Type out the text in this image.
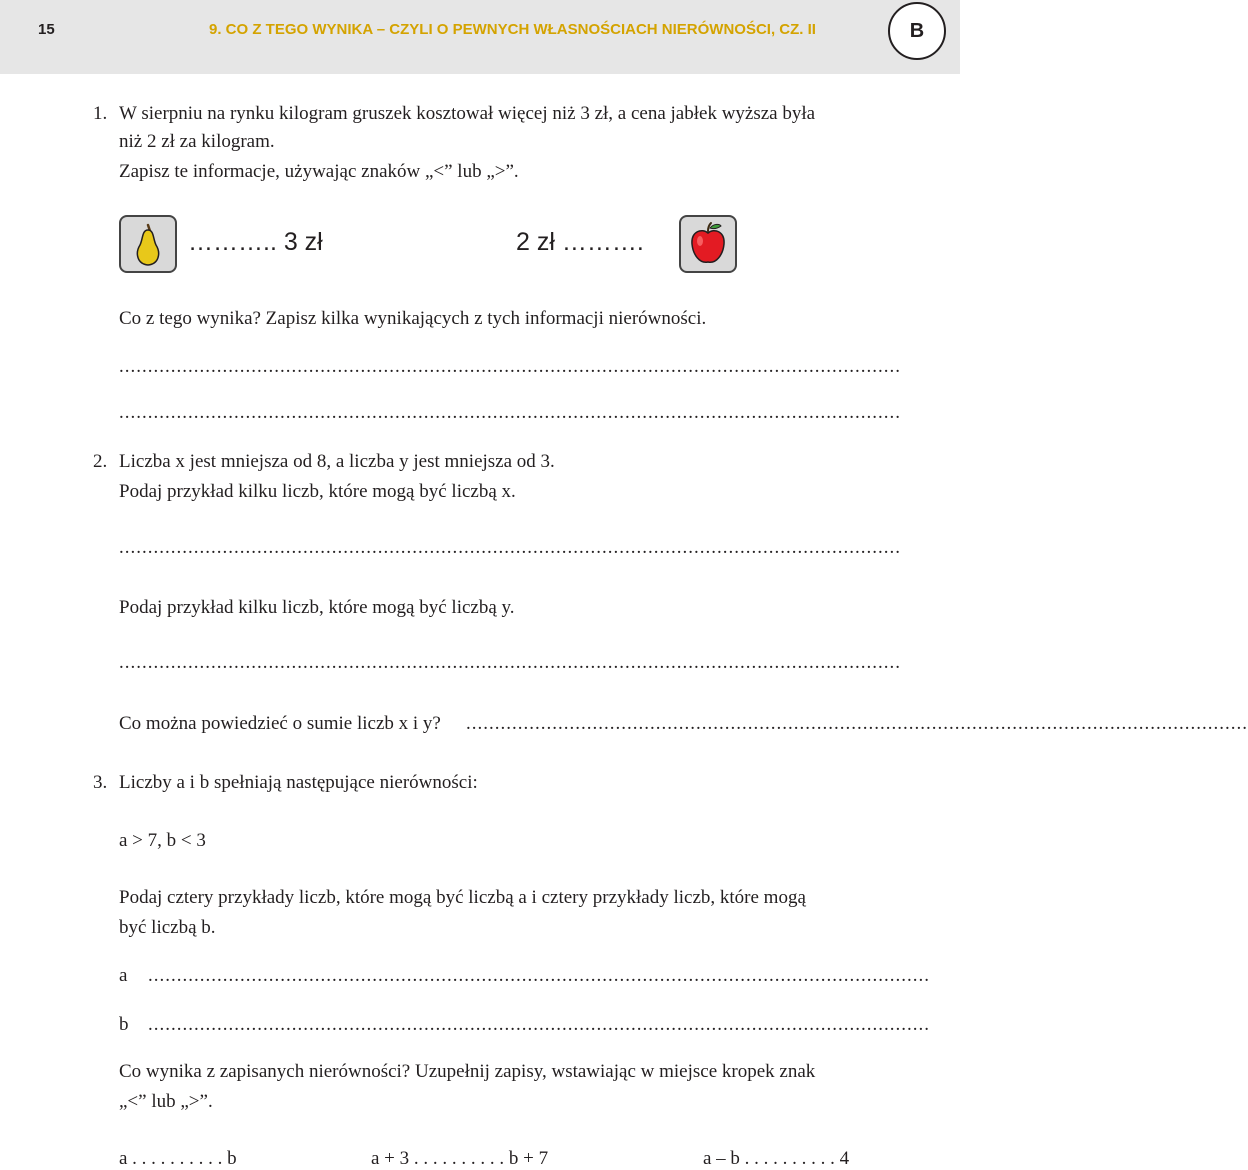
15	9. CO Z TEGO WYNIKA – CZYLI O PEWNYCH WŁASNOŚCIACH NIERÓWNOŚCI, CZ. II	B
1. W sierpniu na rynku kilogram gruszek kosztował więcej niż 3 zł, a cena jabłek wyższa była
niż 2 zł za kilogram.
Zapisz te informacje, używając znaków „<” lub „>”.
……….. 3 zł	2 zł ……….
Co z tego wynika? Zapisz kilka wynikających z tych informacji nierówności.
........................................................................................................................................
........................................................................................................................................
2. Liczba x jest mniejsza od 8, a liczba y jest mniejsza od 3.
Podaj przykład kilku liczb, które mogą być liczbą x.
........................................................................................................................................
Podaj przykład kilku liczb, które mogą być liczbą y.
........................................................................................................................................
Co można powiedzieć o sumie liczb x i y? ........................................................................................................................................
3. Liczby a i b spełniają następujące nierówności:
a > 7, b < 3
Podaj cztery przykłady liczb, które mogą być liczbą a i cztery przykłady liczb, które mogą
być liczbą b.
a ........................................................................................................................................
b ........................................................................................................................................
Co wynika z zapisanych nierówności? Uzupełnij zapisy, wstawiając w miejsce kropek znak
„<” lub „>”.
a . . . . . . . . . . b	a + 3 . . . . . . . . . . b + 7	a – b . . . . . . . . . . 4
